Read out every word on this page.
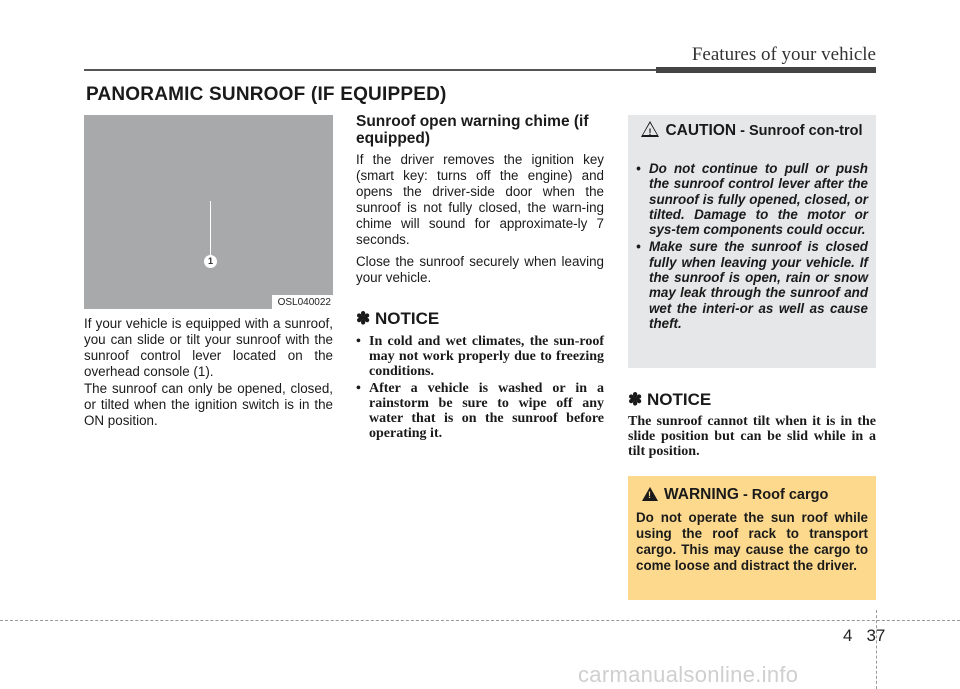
Features of your vehicle
PANORAMIC SUNROOF (IF EQUIPPED)
1
OSL040022
If your vehicle is equipped with a sunroof, you can slide or tilt your sunroof with the sunroof control lever located on the overhead console (1).
The sunroof can only be opened, closed, or tilted when the ignition switch is in the ON position.
Sunroof open warning chime (if equipped)
If the driver removes the ignition key (smart key: turns off the engine) and opens the driver-side door when the sunroof is not fully closed, the warn-ing chime will sound for approximate-ly 7 seconds.
Close the sunroof securely when leaving your vehicle.
✽ NOTICE
• In cold and wet climates, the sun-roof may not work properly due to freezing conditions.
• After a vehicle is washed or in a rainstorm be sure to wipe off any water that is on the sunroof before operating it.
! CAUTION - Sunroof con-trol
• Do not continue to pull or push the sunroof control lever after the sunroof is fully opened, closed, or tilted. Damage to the motor or sys-tem components could occur.
• Make sure the sunroof is closed fully when leaving your vehicle. If the sunroof is open, rain or snow may leak through the sunroof and wet the interi-or as well as cause theft.
✽ NOTICE
The sunroof cannot tilt when it is in the slide position but can be slid while in a tilt position.
! WARNING - Roof cargo
Do not operate the sun roof while using the roof rack to transport cargo. This may cause the cargo to come loose and distract the driver.
4 37
carmanualsonline.info
